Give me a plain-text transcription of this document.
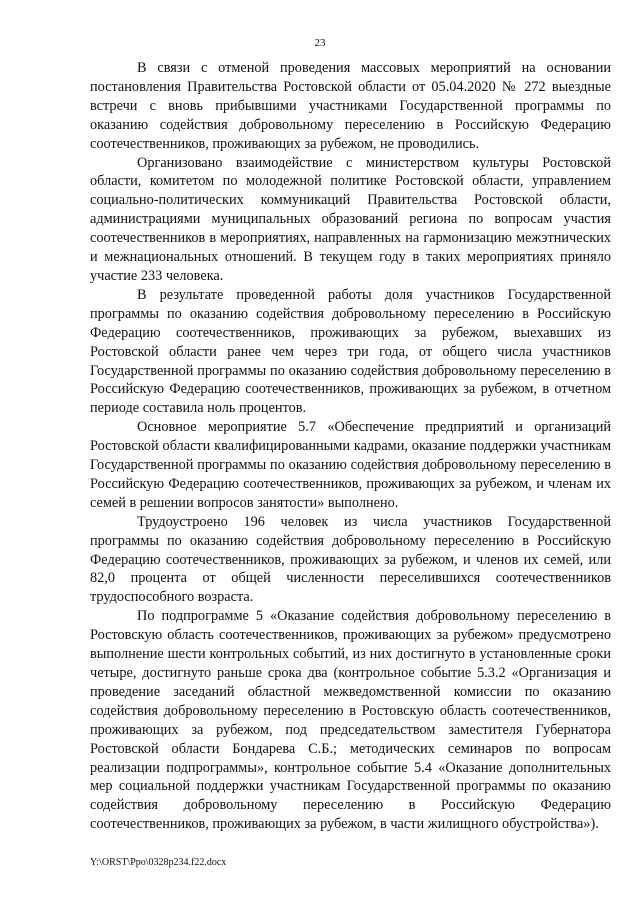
23

В связи с отменой проведения массовых мероприятий на основании постановления Правительства Ростовской области от 05.04.2020 № 272 выездные встречи с вновь прибывшими участниками Государственной программы по оказанию содействия добровольному переселению в Российскую Федерацию соотечественников, проживающих за рубежом, не проводились.

Организовано взаимодействие с министерством культуры Ростовской области, комитетом по молодежной политике Ростовской области, управлением социально-политических коммуникаций Правительства Ростовской области, администрациями муниципальных образований региона по вопросам участия соотечественников в мероприятиях, направленных на гармонизацию межэтнических и межнациональных отношений. В текущем году в таких мероприятиях приняло участие 233 человека.

В результате проведенной работы доля участников Государственной программы по оказанию содействия добровольному переселению в Российскую Федерацию соотечественников, проживающих за рубежом, выехавших из Ростовской области ранее чем через три года, от общего числа участников Государственной программы по оказанию содействия добровольному переселению в Российскую Федерацию соотечественников, проживающих за рубежом, в отчетном периоде составила ноль процентов.

Основное мероприятие 5.7 «Обеспечение предприятий и организаций Ростовской области квалифицированными кадрами, оказание поддержки участникам Государственной программы по оказанию содействия добровольному переселению в Российскую Федерацию соотечественников, проживающих за рубежом, и членам их семей в решении вопросов занятости» выполнено.

Трудоустроено 196 человек из числа участников Государственной программы по оказанию содействия добровольному переселению в Российскую Федерацию соотечественников, проживающих за рубежом, и членов их семей, или 82,0 процента от общей численности переселившихся соотечественников трудоспособного возраста.

По подпрограмме 5 «Оказание содействия добровольному переселению в Ростовскую область соотечественников, проживающих за рубежом» предусмотрено выполнение шести контрольных событий, из них достигнуто в установленные сроки четыре, достигнуто раньше срока два (контрольное событие 5.3.2 «Организация и проведение заседаний областной межведомственной комиссии по оказанию содействия добровольному переселению в Ростовскую область соотечественников, проживающих за рубежом, под председательством заместителя Губернатора Ростовской области Бондарева С.Б.; методических семинаров по вопросам реализации подпрограммы», контрольное событие 5.4 «Оказание дополнительных мер социальной поддержки участникам Государственной программы по оказанию содействия добровольному переселению в Российскую Федерацию соотечественников, проживающих за рубежом, в части жилищного обустройства»).

Y:\ORST\Ppo\0328p234.f22.docx
